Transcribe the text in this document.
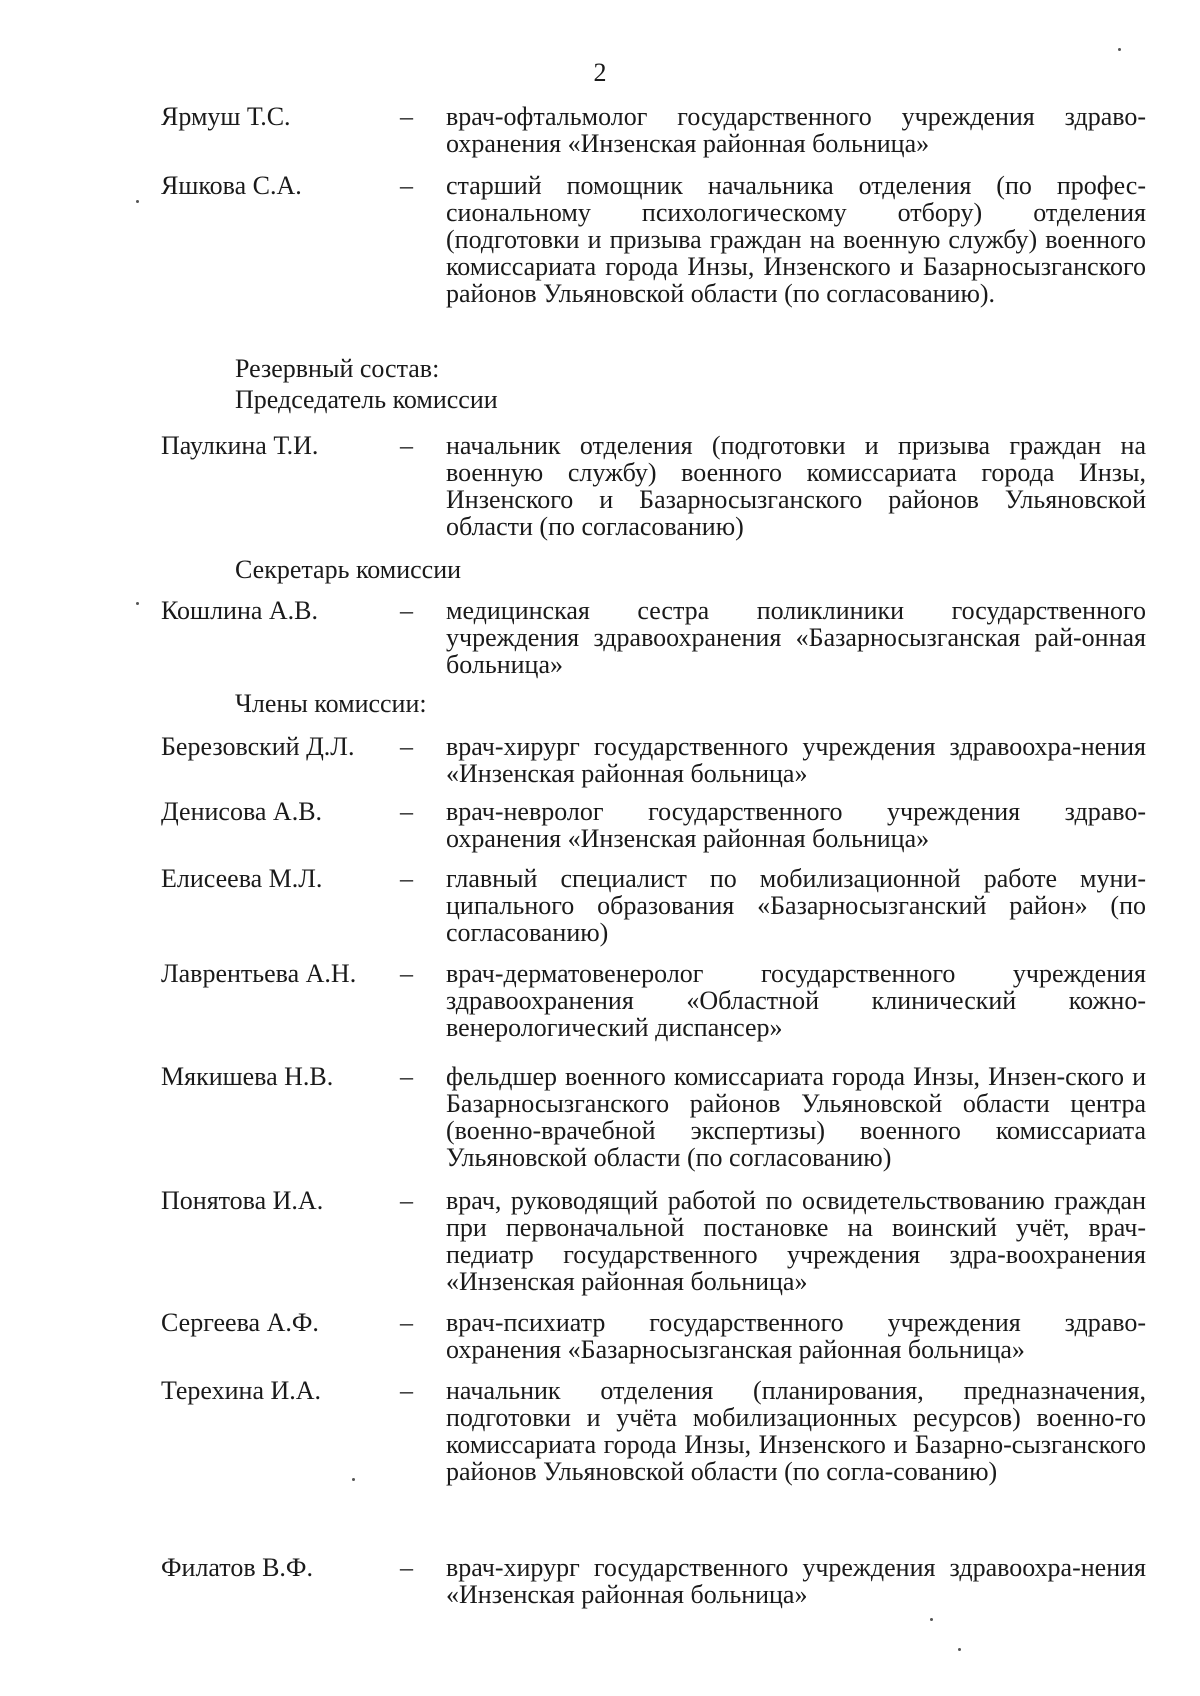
2
Ярмуш Т.С.	– врач-офтальмолог государственного учреждения здраво-охранения «Инзенская районная больница»
Яшкова С.А.	– старший помощник начальника отделения (по профес-сиональному психологическому отбору) отделения (подготовки и призыва граждан на военную службу) военного комиссариата города Инзы, Инзенского и Базарносызганского районов Ульяновской области (по согласованию).
Резервный состав:
Председатель комиссии
Паулкина Т.И.	– начальник отделения (подготовки и призыва граждан на военную службу) военного комиссариата города Инзы, Инзенского и Базарносызганского районов Ульяновской области (по согласованию)
Секретарь комиссии
Кошлина А.В.	– медицинская сестра поликлиники государственного учреждения здравоохранения «Базарносызганская рай-онная больница»
Члены комиссии:
Березовский Д.Л. – врач-хирург государственного учреждения здравоохра-нения «Инзенская районная больница»
Денисова А.В.	– врач-невролог государственного учреждения здраво-охранения «Инзенская районная больница»
Елисеева М.Л.	– главный специалист по мобилизационной работе муни-ципального образования «Базарносызганский район» (по согласованию)
Лаврентьева А.Н. – врач-дерматовенеролог государственного учреждения здравоохранения «Областной клинический кожно-венерологический диспансер»
Мякишева Н.В.	– фельдшер военного комиссариата города Инзы, Инзен-ского и Базарносызганского районов Ульяновской области центра (военно-врачебной экспертизы) военного комиссариата Ульяновской области (по согласованию)
Понятова И.А.	– врач, руководящий работой по освидетельствованию граждан при первоначальной постановке на воинский учёт, врач-педиатр государственного учреждения здра-воохранения «Инзенская районная больница»
Сергеева А.Ф.	– врач-психиатр государственного учреждения здраво-охранения «Базарносызганская районная больница»
Терехина И.А.	– начальник отделения (планирования, предназначения, подготовки и учёта мобилизационных ресурсов) военно-го комиссариата города Инзы, Инзенского и Базарно-сызганского районов Ульяновской области (по согла-сованию)
Филатов В.Ф.	– врач-хирург государственного учреждения здравоохра-нения «Инзенская районная больница»
